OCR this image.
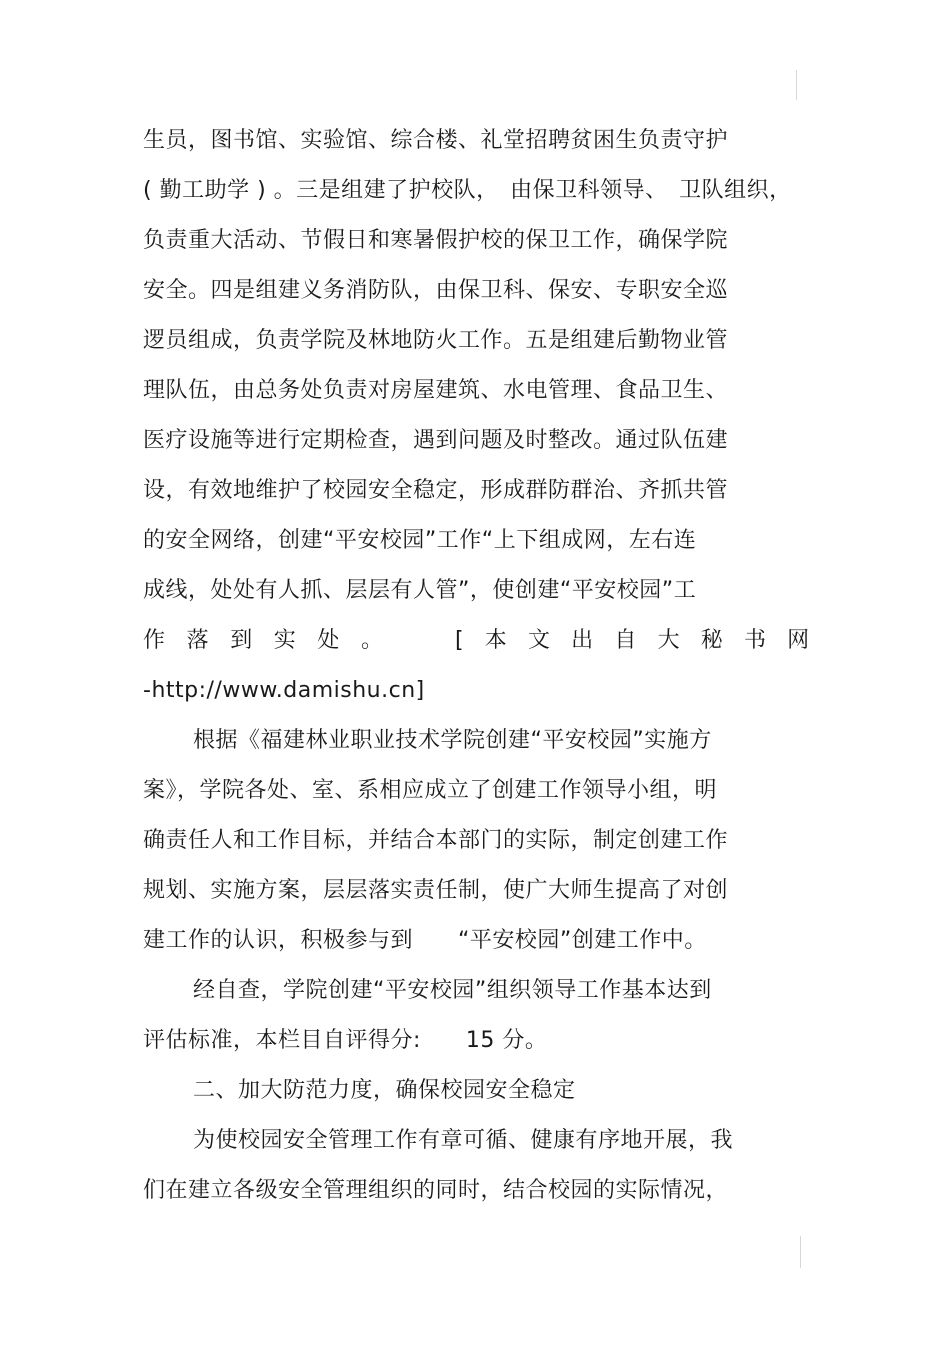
生员，图书馆、实验馆、综合楼、礼堂招聘贫困生负责守护
( 勤工助学 ) 。三是组建了护校队，　由保卫科领导、　卫队组织，
负责重大活动、节假日和寒暑假护校的保卫工作，确保学院
安全。四是组建义务消防队，由保卫科、保安、专职安全巡
逻员组成，负责学院及林地防火工作。五是组建后勤物业管
理队伍，由总务处负责对房屋建筑、水电管理、食品卫生、
医疗设施等进行定期检查，遇到问题及时整改。通过队伍建
设，有效地维护了校园安全稳定，形成群防群治、齐抓共管
的安全网络，创建“平安校园”工作“上下组成网，左右连
成线，处处有人抓、层层有人管”，使创建“平安校园”工
作落到实处。 [本文出自大秘书网
-http://www.damishu.cn]
根据《福建林业职业技术学院创建“平安校园”实施方
案》，学院各处、室、系相应成立了创建工作领导小组，明
确责任人和工作目标，并结合本部门的实际，制定创建工作
规划、实施方案，层层落实责任制，使广大师生提高了对创
建工作的认识，积极参与到　　“平安校园”创建工作中。
经自查，学院创建“平安校园”组织领导工作基本达到
评估标准，本栏目自评得分:　　15 分。
二、加大防范力度，确保校园安全稳定
为使校园安全管理工作有章可循、健康有序地开展，我
们在建立各级安全管理组织的同时，结合校园的实际情况，
